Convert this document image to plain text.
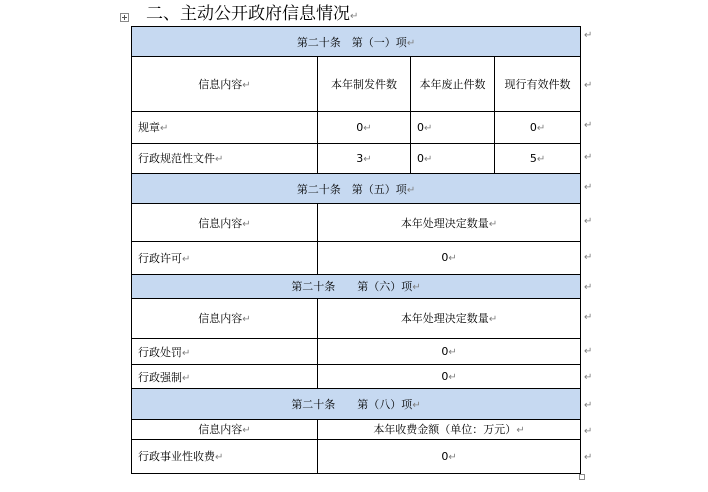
二、主动公开政府信息情况↵
第二十条　第（一）项↵			
信息内容↵	本年制发件数	本年废止件数	现行有效件数
规章↵	0↵	0↵	0↵
行政规范性文件↵	3↵	0↵	5↵
第二十条　第（五）项↵			
信息内容↵	本年处理决定数量↵		
行政许可↵	0↵		
第二十条　　第（六）项↵			
信息内容↵	本年处理决定数量↵		
行政处罚↵	0↵		
行政强制↵	0↵		
第二十条　　第（八）项↵			
信息内容↵	本年收费金额（单位：万元）↵		
行政事业性收费↵	0↵		
↵
↵
↵
↵
↵
↵
↵
↵
↵
↵
↵
↵
↵
↵
